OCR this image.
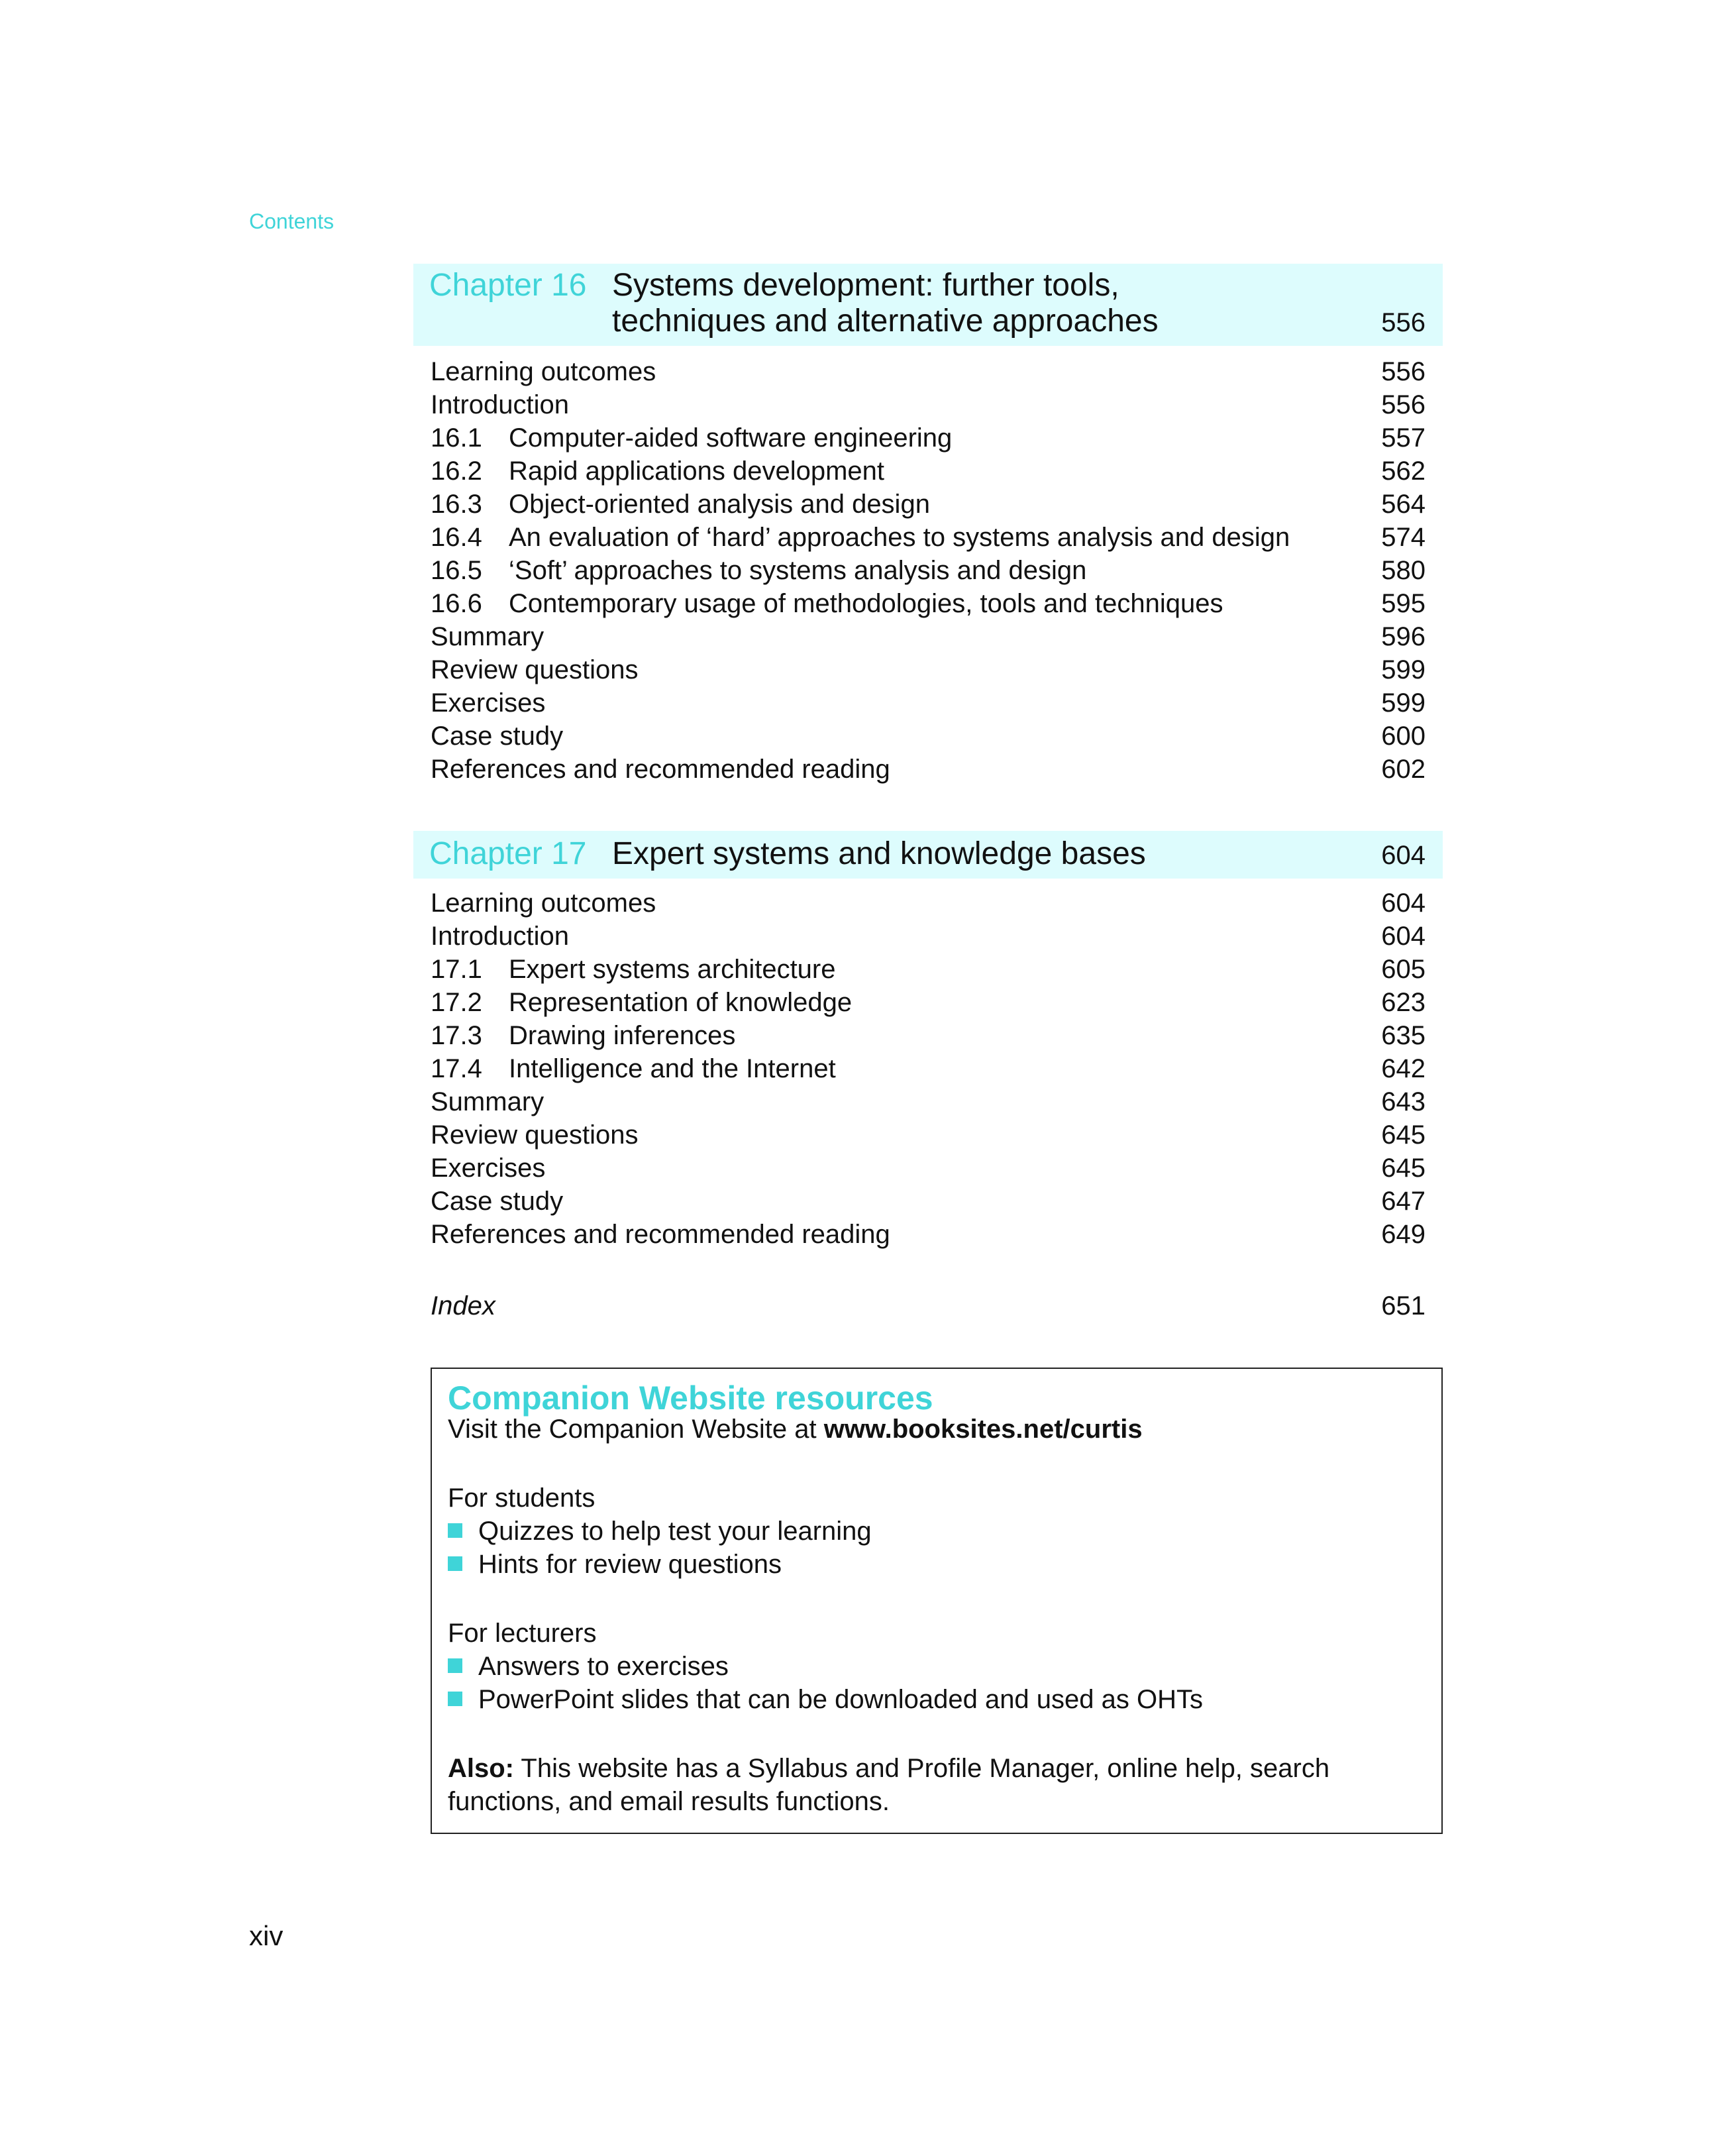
Contents
Chapter 16 Systems development: further tools,
techniques and alternative approaches	556
Learning outcomes	556
Introduction	556
16.1 Computer-aided software engineering	557
16.2 Rapid applications development	562
16.3 Object-oriented analysis and design	564
16.4 An evaluation of ‘hard’ approaches to systems analysis and design	574
16.5 ‘Soft’ approaches to systems analysis and design	580
16.6 Contemporary usage of methodologies, tools and techniques	595
Summary	596
Review questions	599
Exercises	599
Case study	600
References and recommended reading	602
Chapter 17 Expert systems and knowledge bases	604
Learning outcomes	604
Introduction	604
17.1 Expert systems architecture	605
17.2 Representation of knowledge	623
17.3 Drawing inferences	635
17.4 Intelligence and the Internet	642
Summary	643
Review questions	645
Exercises	645
Case study	647
References and recommended reading	649
Index	651
Companion Website resources
Visit the Companion Website at www.booksites.net/curtis
For students
Quizzes to help test your learning
Hints for review questions
For lecturers
Answers to exercises
PowerPoint slides that can be downloaded and used as OHTs
Also: This website has a Syllabus and Profile Manager, online help, search
functions, and email results functions.
xiv
